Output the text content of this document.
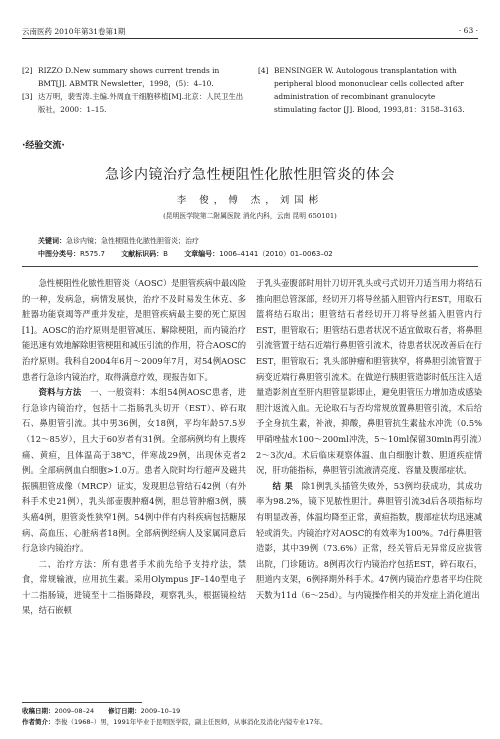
云南医药 2010年第31卷第1期	· 63 ·
[2] RIZZO D.New summary shows current trends in BMT[J]. ABMTR Newsletter，1998，(5)：4–10.
[3] 达万明，裴雪涛.主编.外周血干细胞移植[M].北京：人民卫生出版社，2000：1–15.
[4] BENSINGER W. Autologous transplantation with peripheral blood mononuclear cells collected after administration of recombinant granulocyte stimulating factor [J]. Blood, 1993,81：3158–3163.
·经验交流·
急诊内镜治疗急性梗阻性化脓性胆管炎的体会
李 俊，傅 杰，刘国彬
(昆明医学院第二附属医院 消化内科，云南 昆明 650101)
关键词：急诊内镜；急性梗阻性化脓性胆管炎；治疗
中图分类号：R575.7 文献标识码：B 文章编号：1006–4141（2010）01–0063–02

急性梗阻性化脓性胆管炎（AOSC）是胆管疾病中最凶险的一种，发病急，病情发展快，治疗不及时易发生休克、多脏器功能衰竭等严重并发症，是胆管疾病最主要的死亡原因[1]。AOSC的治疗原则是胆管减压、解除梗阻，而内镜治疗能迅速有效地解除胆管梗阻和减压引流的作用，符合AOSC的治疗原则。我科自2004年6月～2009年7月，对54例AOSC患者行急诊内镜治疗，取得满意疗效，现报告如下。

资料与方法　 一、一般资料：本组54例AOSC患者，进行急诊内镜治疗，包括十二指肠乳头切开（EST）、碎石取石、鼻胆管引流。其中男36例，女18例，平均年龄57.5岁（12～85岁），且大于60岁者有31例。全部病例均有上腹疼痛、黄疸，且体温高于38℃，伴寒战29例，出现休克者2例。全部病例血白细胞>1.0万。患者入院时均行超声及磁共振胰胆管成像（MRCP）证实，发现胆总管结石42例（有外科手术史21例），乳头部壶腹肿瘤4例，胆总管肿瘤3例，胰头癌4例，胆管炎性狭窄1例。54例中伴有内科疾病包括糖尿病、高血压、心脏病者18例。全部病例经病人及家属同意后行急诊内镜治疗。

二、治疗方法：所有患者手术前先给予支持疗法，禁食，常规输液，应用抗生素。采用Olympus JF–140型电子十二指肠镜，进镜至十二指肠降段，观察乳头，根据镜检结果，结石嵌顿

于乳头壶腹部时用针刀切开乳头或弓式切开刀适当用力将结石推向胆总管深部，经切开刀将导丝插入胆管内行EST，用取石篮将结石取出；胆管结石者经切开刀将导丝插入胆管内行EST，胆管取石；胆管结石患者状况不适宜做取石者，将鼻胆引流管置于结石近端行鼻胆管引流术，待患者状况改善后在行EST，胆管取石；乳头部肿瘤和胆管狭窄，将鼻胆引流管置于病变近端行鼻胆管引流术。在做逆行胰胆管造影时低压注入适量造影剂直至肝内胆管显影即止，避免胆管压力增加造成感染胆汁返流入血。无论取石与否均常规放置鼻胆管引流，术后给予全身抗生素，补液，抑酸，鼻胆管抗生素盐水冲洗（0.5%甲硝唑盐水100～200ml冲洗，5～10ml保留30min再引流）2～3次/d。术后临床观察体温、血白细胞计数、胆道疾症情况，肝功能指标，鼻胆管引流液清亮度、容量及腹部症状。

结 果　 除1例乳头插管失败外，53例均获成功，其成功率为98.2%，镜下见脓性胆汁。鼻胆管引流3d后各项指标均有明显改善，体温均降至正常，黄疸指数，腹部症状均迅速减轻或消失。内镜治疗对AOSC的有效率为100%。7d行鼻胆管造影，其中39例（73.6%）正常，经关管后无异常反应拔管出院，门诊随访。8例再次行内镜治疗包括EST，碎石取石，胆道内支架，6例择期外科手术。47例内镜治疗患者平均住院天数为11d（6～25d）。与内镜操作相关的并发症上消化道出

收稿日期：2009–08–24 修订日期：2009–10–19
作者简介：李俊（1968–）男，1991年毕业于昆明医学院，副主任医师，从事消化及消化内镜专业17年。
